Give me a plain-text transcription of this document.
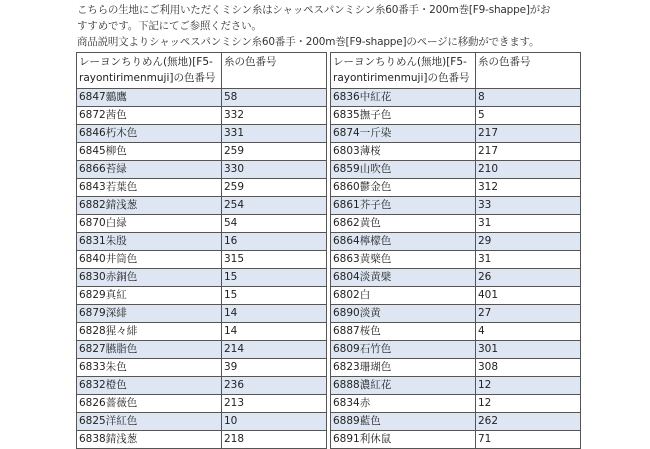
こちらの生地にご利用いただくミシン糸はシャッペスパンミシン糸60番手・200m巻[F9-shappe]がお

すすめです。下記にてご参照ください。

商品説明文よりシャッペスパンミシン糸60番手・200m巻[F9-shappe]のページに移動ができます。

レーヨンちりめん(無地)[F5-rayontirimenmuji]の色番号	糸の色番号
6847鶸鷹	58
6872茜色	332
6846朽木色	331
6845柳色	259
6866苔緑	330
6843若葉色	259
6882錆浅葱	254
6870白緑	54
6831朱殷	16
6840井筒色	315
6830赤銅色	15
6829真紅	15
6879深緋	14
6828猩々緋	14
6827臙脂色	214
6833朱色	39
6832橙色	236
6826薔薇色	213
6825洋紅色	10
6838錆浅葱	218
レーヨンちりめん(無地)[F5-rayontirimenmuji]の色番号	糸の色番号
6836中紅花	8
6835撫子色	5
6874一斤染	217
6803薄桜	217
6859山吹色	210
6860鬱金色	312
6861芥子色	33
6862黄色	31
6864檸檬色	29
6863黄檗色	31
6804淡黄檗	26
6802白	401
6890淡黄	27
6887桜色	4
6809石竹色	301
6823珊瑚色	308
6888濃紅花	12
6834赤	12
6889藍色	262
6891利休鼠	71
